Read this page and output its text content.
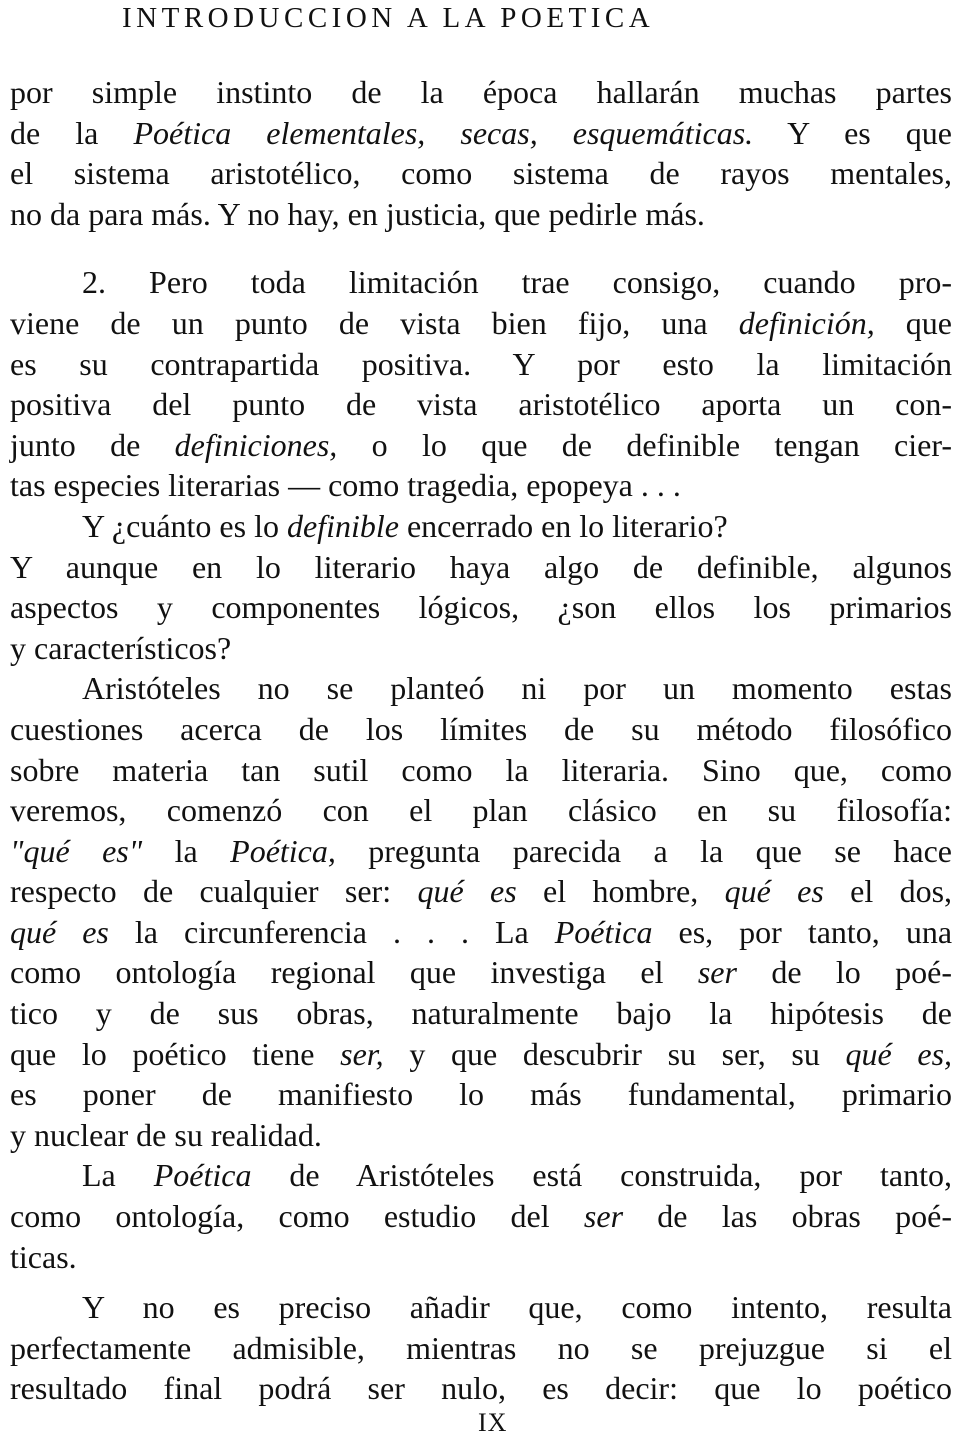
INTRODUCCION A LA POETICA
por simple instinto de la época hallarán muchas partes
de la Poética elementales, secas, esquemáticas. Y es que
el sistema aristotélico, como sistema de rayos mentales,
no da para más. Y no hay, en justicia, que pedirle más.
2. Pero toda limitación trae consigo, cuando pro-
viene de un punto de vista bien fijo, una definición, que
es su contrapartida positiva. Y por esto la limitación
positiva del punto de vista aristotélico aporta un con-
junto de definiciones, o lo que de definible tengan cier-
tas especies literarias — como tragedia, epopeya . . .
Y ¿cuánto es lo definible encerrado en lo literario?
Y aunque en lo literario haya algo de definible, algunos
aspectos y componentes lógicos, ¿son ellos los primarios
y característicos?
Aristóteles no se planteó ni por un momento estas
cuestiones acerca de los límites de su método filosófico
sobre materia tan sutil como la literaria. Sino que, como
veremos, comenzó con el plan clásico en su filosofía:
"qué es" la Poética, pregunta parecida a la que se hace
respecto de cualquier ser: qué es el hombre, qué es el dos,
qué es la circunferencia . . . La Poética es, por tanto, una
como ontología regional que investiga el ser de lo poé-
tico y de sus obras, naturalmente bajo la hipótesis de
que lo poético tiene ser, y que descubrir su ser, su qué es,
es poner de manifiesto lo más fundamental, primario
y nuclear de su realidad.
La Poética de Aristóteles está construida, por tanto,
como ontología, como estudio del ser de las obras poé-
ticas.
Y no es preciso añadir que, como intento, resulta
perfectamente admisible, mientras no se prejuzgue si el
resultado final podrá ser nulo, es decir: que lo poético
IX
